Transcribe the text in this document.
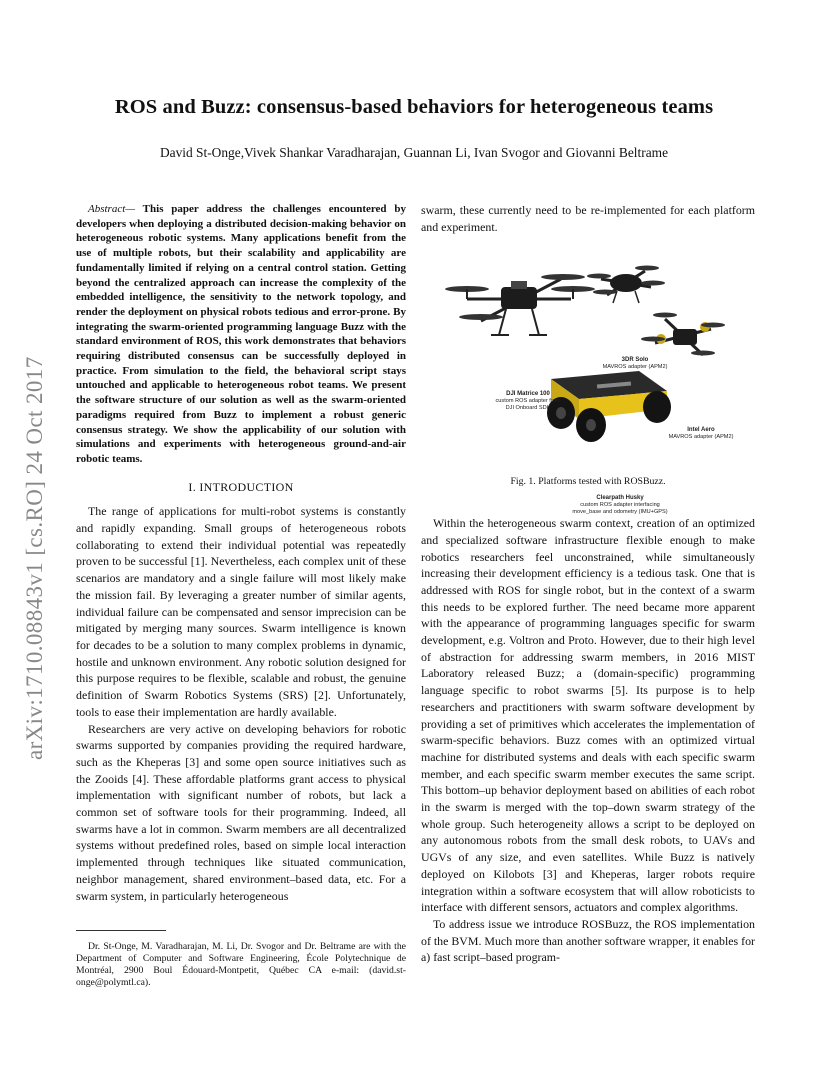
arXiv:1710.08843v1 [cs.RO] 24 Oct 2017
ROS and Buzz: consensus-based behaviors for heterogeneous teams
David St-Onge,Vivek Shankar Varadharajan, Guannan Li, Ivan Svogor and Giovanni Beltrame

Abstract— This paper address the challenges encountered by developers when deploying a distributed decision-making behavior on heterogeneous robotic systems. Many applications benefit from the use of multiple robots, but their scalability and applicability are fundamentally limited if relying on a central control station. Getting beyond the centralized approach can increase the complexity of the embedded intelligence, the sensitivity to the network topology, and render the deployment on physical robots tedious and error-prone. By integrating the swarm-oriented programming language Buzz with the standard environment of ROS, this work demonstrates that behaviors requiring distributed consensus can be successfully deployed in practice. From simulation to the field, the behavioral script stays untouched and applicable to heterogeneous robot teams. We present the software structure of our solution as well as the swarm-oriented paradigms required from Buzz to implement a robust generic consensus strategy. We show the applicability of our solution with simulations and experiments with heterogeneous ground-and-air robotic teams.

I. INTRODUCTION

The range of applications for multi-robot systems is constantly and rapidly expanding. Small groups of heterogeneous robots collaborating to extend their individual potential was repeatedly proven to be successful [1]. Nevertheless, each complex unit of these scenarios are mandatory and a single failure will most likely make the mission fail. By leveraging a greater number of similar agents, individual failure can be compensated and sensor imprecision can be mitigated by merging many sources. Swarm intelligence is known for decades to be a solution to many complex problems in dynamic, hostile and unknown environment. Any robotic solution designed for this purpose requires to be flexible, scalable and robust, the genuine definition of Swarm Robotics Systems (SRS) [2]. Unfortunately, tools to ease their implementation are hardly available.

Researchers are very active on developing behaviors for robotic swarms supported by companies providing the required hardware, such as the Kheperas [3] and some open source initiatives such as the Zooids [4]. These affordable platforms grant access to physical implementation with significant number of robots, but lack a common set of software tools for their programming. Indeed, all swarms have a lot in common. Swarm members are all decentralized systems without predefined roles, based on simple local interaction implemented through techniques like situated communication, neighbor management, shared environment–based data, etc. For a swarm system, in particularly heterogeneous

Dr. St-Onge, M. Varadharajan, M. Li, Dr. Svogor and Dr. Beltrame are with the Department of Computer and Software Engineering, École Polytechnique de Montréal, 2900 Boul Édouard-Montpetit, Québec CA e-mail: (david.st-onge@polymtl.ca).

swarm, these currently need to be re-implemented for each platform and experiment.

DJI Matrice 100
custom ROS adapter from
DJI Onboard SDK
3DR Solo
MAVROS adapter (APM2)
Intel Aero
MAVROS adapter (APM2)
Clearpath Husky
custom ROS adapter interfacing
move_base and odometry (IMU+GPS)
Fig. 1. Platforms tested with ROSBuzz.

Within the heterogeneous swarm context, creation of an optimized and specialized software infrastructure flexible enough to make robotics researchers feel unconstrained, while simultaneously increasing their development efficiency is a tedious task. One that is addressed with ROS for single robot, but in the context of a swarm this needs to be explored further. The need became more apparent with the appearance of programming languages specific for swarm development, e.g. Voltron and Proto. However, due to their high level of abstraction for addressing swarm members, in 2016 MIST Laboratory released Buzz; a (domain-specific) programming language specific to robot swarms [5]. Its purpose is to help researchers and practitioners with swarm software development by providing a set of primitives which accelerates the implementation of swarm-specific behaviors. Buzz comes with an optimized virtual machine for distributed systems and deals with each specific swarm member, and each specific swarm member executes the same script. This bottom–up behavior deployment based on abilities of each robot in the swarm is merged with the top–down swarm strategy of the whole group. Such heterogeneity allows a script to be deployed on any autonomous robots from the small desk robots, to UAVs and UGVs of any size, and even satellites. While Buzz is natively deployed on Kilobots [3] and Kheperas, larger robots require integration within a software ecosystem that will allow roboticists to interface with different sensors, actuators and complex algorithms.

To address issue we introduce ROSBuzz, the ROS implementation of the BVM. Much more than another software wrapper, it enables for a) fast script–based program-
